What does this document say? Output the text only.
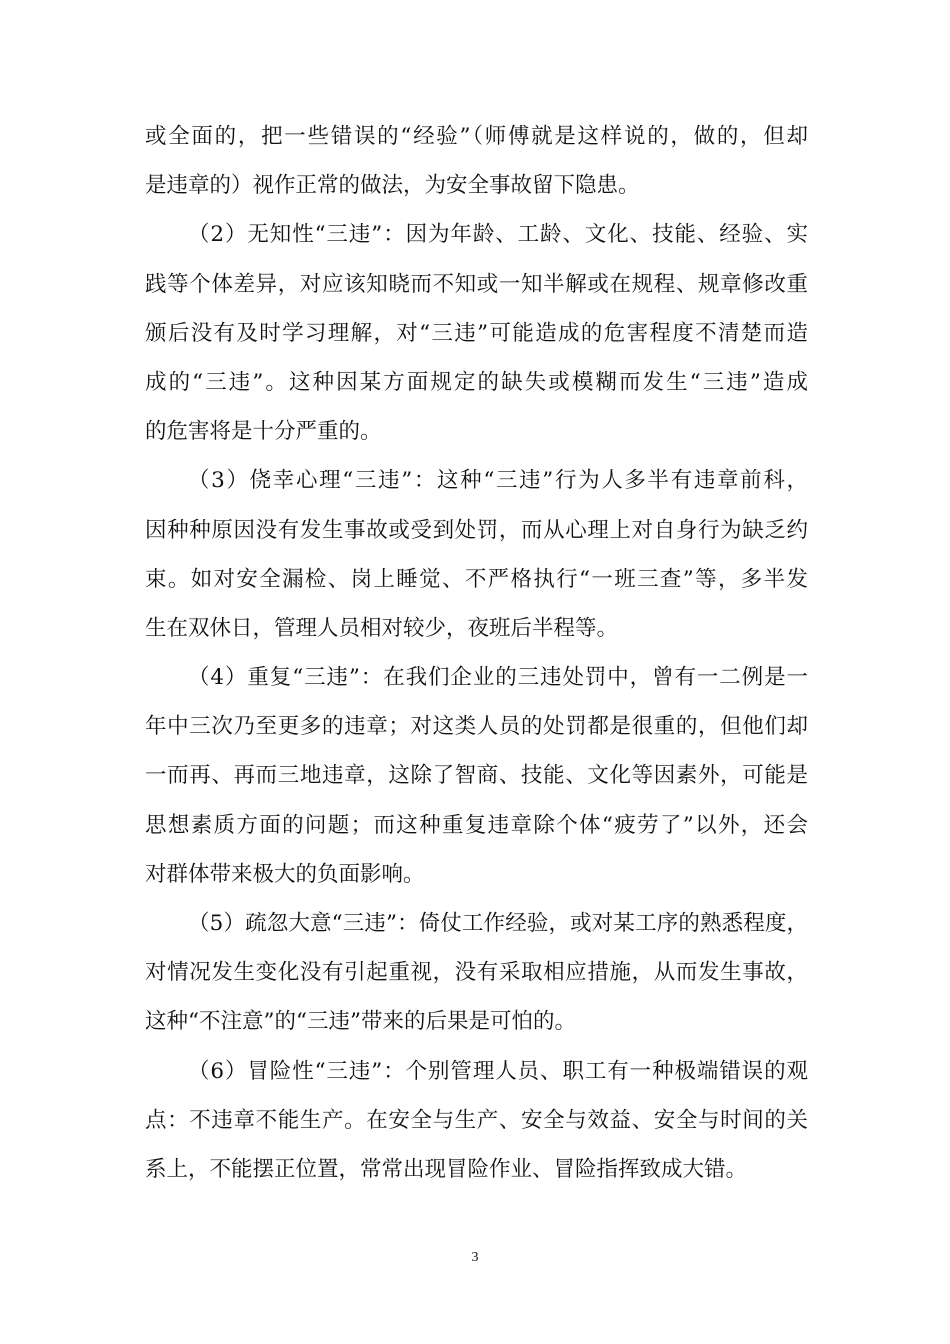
或全面的，把一些错误的“经验”（师傅就是这样说的，做的，但却
是违章的）视作正常的做法，为安全事故留下隐患。
（2）无知性“三违”：因为年龄、工龄、文化、技能、经验、实
践等个体差异，对应该知晓而不知或一知半解或在规程、规章修改重
颁后没有及时学习理解，对“三违”可能造成的危害程度不清楚而造
成的“三违”。这种因某方面规定的缺失或模糊而发生“三违”造成
的危害将是十分严重的。
（3）侥幸心理“三违”：这种“三违”行为人多半有违章前科，
因种种原因没有发生事故或受到处罚，而从心理上对自身行为缺乏约
束。如对安全漏检、岗上睡觉、不严格执行“一班三查”等，多半发
生在双休日，管理人员相对较少，夜班后半程等。
（4）重复“三违”：在我们企业的三违处罚中，曾有一二例是一
年中三次乃至更多的违章；对这类人员的处罚都是很重的，但他们却
一而再、再而三地违章，这除了智商、技能、文化等因素外，可能是
思想素质方面的问题；而这种重复违章除个体“疲劳了”以外，还会
对群体带来极大的负面影响。
（5）疏忽大意“三违”：倚仗工作经验，或对某工序的熟悉程度，
对情况发生变化没有引起重视，没有采取相应措施，从而发生事故，
这种“不注意”的“三违”带来的后果是可怕的。
（6）冒险性“三违”：个别管理人员、职工有一种极端错误的观
点：不违章不能生产。在安全与生产、安全与效益、安全与时间的关
系上，不能摆正位置，常常出现冒险作业、冒险指挥致成大错。
3
